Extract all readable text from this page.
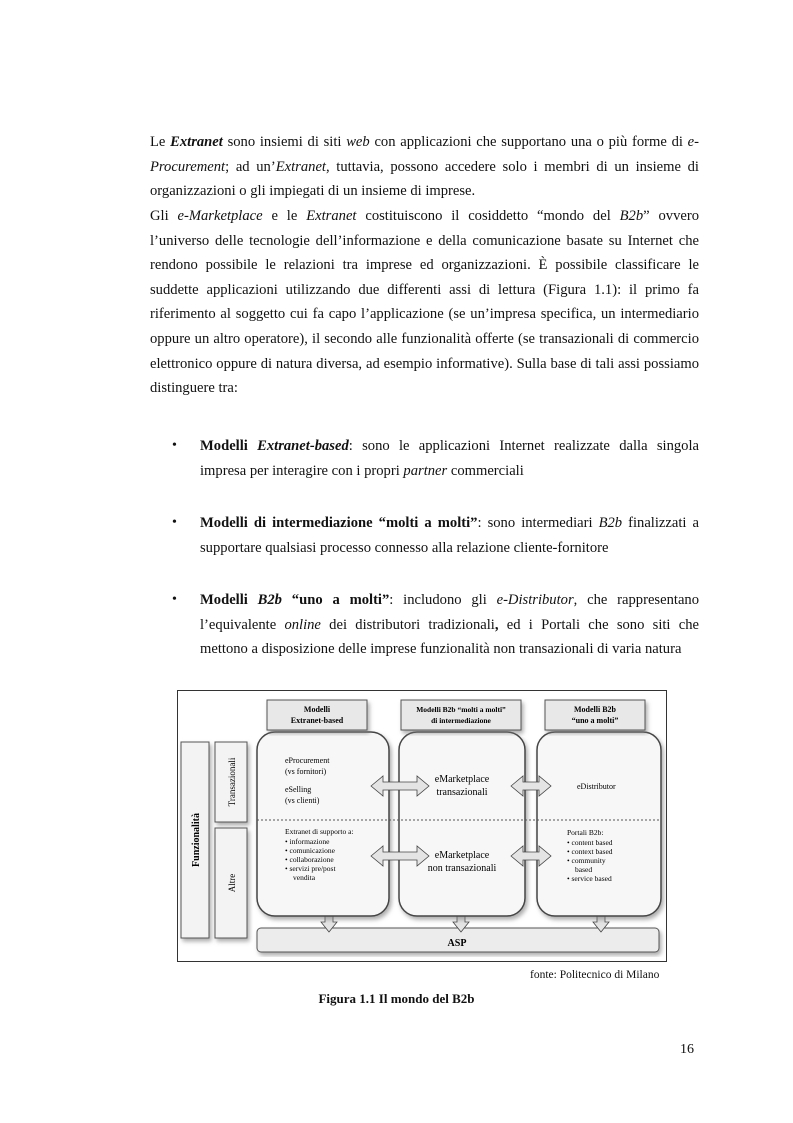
Le Extranet sono insiemi di siti web con applicazioni che supportano una o più forme di e-Procurement; ad un’Extranet, tuttavia, possono accedere solo i membri di un insieme di organizzazioni o gli impiegati di un insieme di imprese.

Gli e-Marketplace e le Extranet costituiscono il cosiddetto “mondo del B2b” ovvero l’universo delle tecnologie dell’informazione e della comunicazione basate su Internet che rendono possibile le relazioni tra imprese ed organizzazioni. È possibile classificare le suddette applicazioni utilizzando due differenti assi di lettura (Figura 1.1): il primo fa riferimento al soggetto cui fa capo l’applicazione (se un’impresa specifica, un intermediario oppure un altro operatore), il secondo alle funzionalità offerte (se transazionali di commercio elettronico oppure di natura diversa, ad esempio informative). Sulla base di tali assi possiamo distinguere tra:

• Modelli Extranet-based: sono le applicazioni Internet realizzate dalla singola impresa per interagire con i propri partner commerciali

• Modelli di intermediazione “molti a molti”: sono intermediari B2b finalizzati a supportare qualsiasi processo connesso alla relazione cliente-fornitore

• Modelli B2b “uno a molti”: includono gli e-Distributor, che rappresentano l’equivalente online dei distributori tradizionali, ed i Portali che sono siti che mettono a disposizione delle imprese funzionalità non transazionali di varia natura

ASP
Funzionalità
Transazionali
Altre
Modelli
Extranet-based
Modelli B2b “molti a molti”
di intermediazione
Modelli B2b
“uno a molti”
eProcurement
(vs fornitori)
eSelling
(vs clienti)
Extranet di supporto a:
• informazione
• comunicazione
• collaborazione
• servizi pre/post
vendita
eMarketplace
transazionali
eMarketplace
non transazionali
eDistributor
Portali B2b:
• content based
• context based
• community
based
• service based
fonte: Politecnico di Milano
Figura 1.1 Il mondo del B2b
16
